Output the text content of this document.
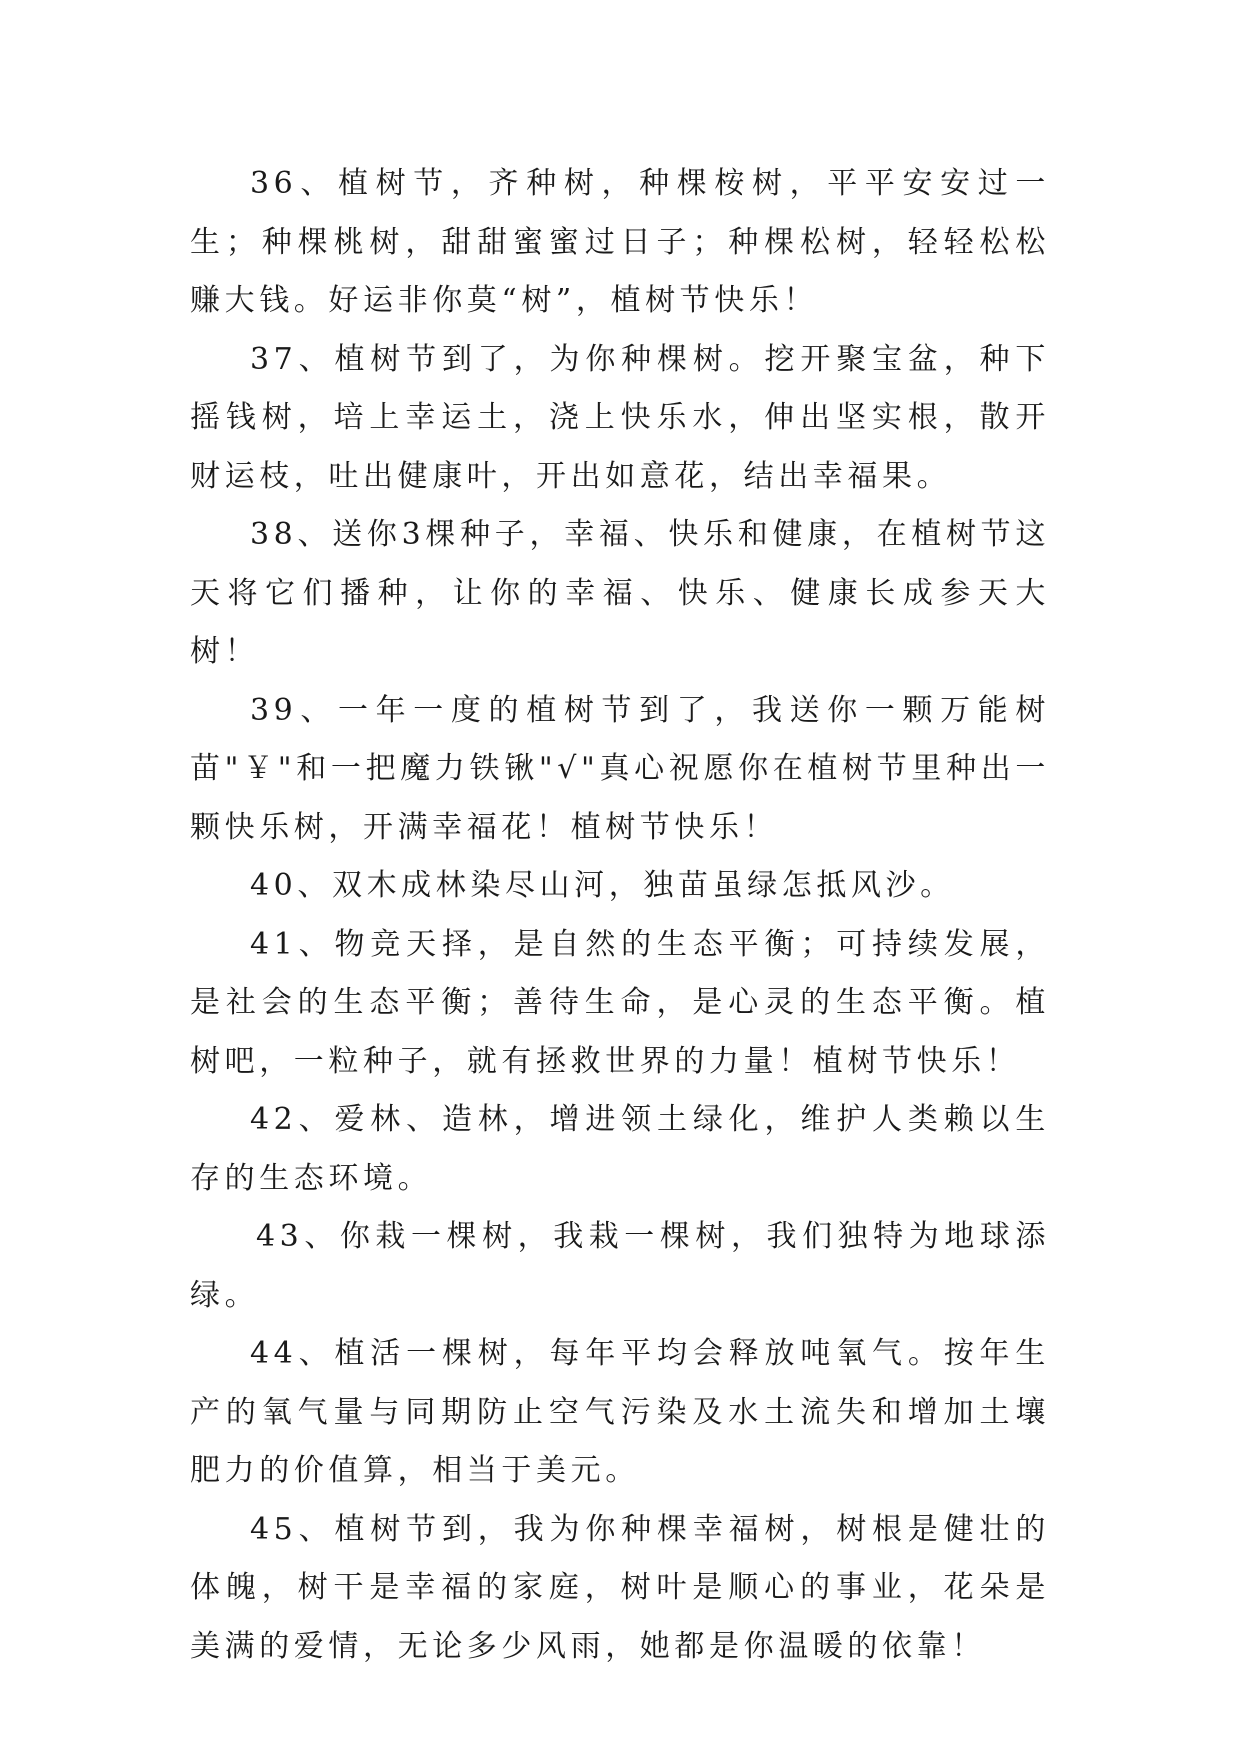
36、植树节，齐种树，种棵桉树，平平安安过一生；种棵桃树，甜甜蜜蜜过日子；种棵松树，轻轻松松赚大钱。好运非你莫“树”，植树节快乐！

37、植树节到了，为你种棵树。挖开聚宝盆，种下摇钱树，培上幸运土，浇上快乐水，伸出坚实根，散开财运枝，吐出健康叶，开出如意花，结出幸福果。

38、送你3棵种子，幸福、快乐和健康，在植树节这天将它们播种，让你的幸福、快乐、健康长成参天大树！

39、一年一度的植树节到了，我送你一颗万能树苗"￥"和一把魔力铁锹"√"真心祝愿你在植树节里种出一颗快乐树，开满幸福花！植树节快乐！

40、双木成林染尽山河，独苗虽绿怎抵风沙。

41、物竞天择，是自然的生态平衡；可持续发展，是社会的生态平衡；善待生命，是心灵的生态平衡。植树吧，一粒种子，就有拯救世界的力量！植树节快乐！

42、爱林、造林，增进领土绿化，维护人类赖以生存的生态环境。

43、你栽一棵树，我栽一棵树，我们独特为地球添绿。

44、植活一棵树，每年平均会释放吨氧气。按年生产的氧气量与同期防止空气污染及水土流失和增加土壤肥力的价值算，相当于美元。

45、植树节到，我为你种棵幸福树，树根是健壮的体魄，树干是幸福的家庭，树叶是顺心的事业，花朵是美满的爱情，无论多少风雨，她都是你温暖的依靠！
